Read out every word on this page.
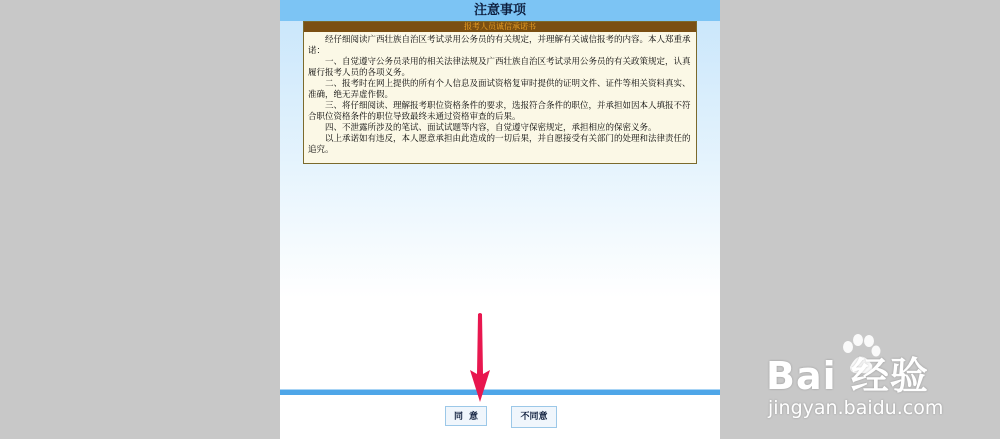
注意事项
报考人员诚信承诺书

经仔细阅读广西壮族自治区考试录用公务员的有关规定，并理解有关诚信报考的内容。本人郑重承诺：

一、自觉遵守公务员录用的相关法律法规及广西壮族自治区考试录用公务员的有关政策规定，认真履行报考人员的各项义务。

二、报考时在网上提供的所有个人信息及面试资格复审时提供的证明文件、证件等相关资料真实、准确，绝无弄虚作假。

三、将仔细阅读、理解报考职位资格条件的要求，选报符合条件的职位，并承担如因本人填报不符合职位资格条件的职位导致最终未通过资格审查的后果。

四、不泄露所涉及的笔试、面试试题等内容，自觉遵守保密规定，承担相应的保密义务。

以上承诺如有违反，本人愿意承担由此造成的一切后果，并自愿接受有关部门的处理和法律责任的追究。

同意	不同意
Bai 经验
jingyan.baidu.com
